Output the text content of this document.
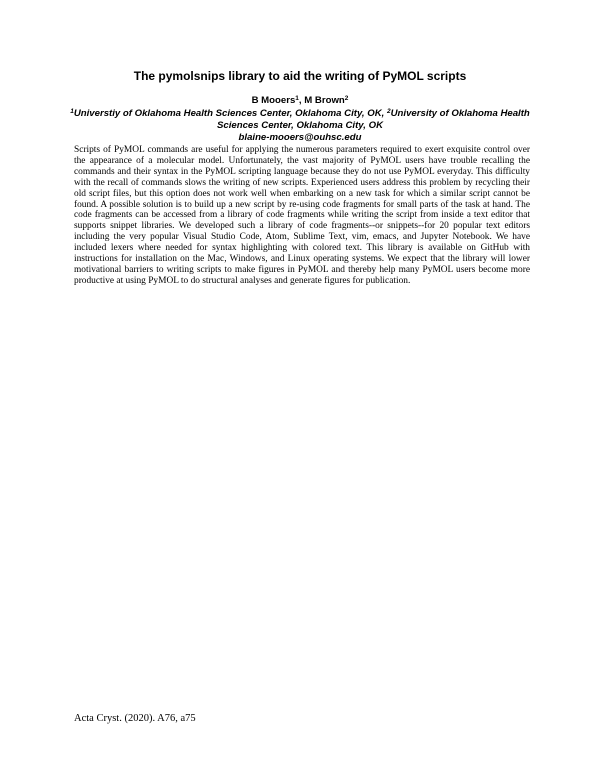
The pymolsnips library to aid the writing of PyMOL scripts
B Mooers$^1$, M Brown$^2$
$^1$Universtiy of Oklahoma Health Sciences Center, Oklahoma City, OK, $^2$University of Oklahoma Health Sciences Center, Oklahoma City, OK
blaine-mooers@ouhsc.edu

Scripts of PyMOL commands are useful for applying the numerous parameters required to exert exquisite control over the appearance of a molecular model. Unfortunately, the vast majority of PyMOL users have trouble recalling the commands and their syntax in the PyMOL scripting language because they do not use PyMOL everyday. This difficulty with the recall of commands slows the writing of new scripts. Experienced users address this problem by recycling their old script files, but this option does not work well when embarking on a new task for which a similar script cannot be found. A possible solution is to build up a new script by re-using code fragments for small parts of the task at hand. The code fragments can be accessed from a library of code fragments while writing the script from inside a text editor that supports snippet libraries. We developed such a library of code fragments--or snippets--for 20 popular text editors including the very popular Visual Studio Code, Atom, Sublime Text, vim, emacs, and Jupyter Notebook. We have included lexers where needed for syntax highlighting with colored text. This library is available on GitHub with instructions for installation on the Mac, Windows, and Linux operating systems. We expect that the library will lower motivational barriers to writing scripts to make figures in PyMOL and thereby help many PyMOL users become more productive at using PyMOL to do structural analyses and generate figures for publication.

Acta Cryst. (2020). A76, a75
